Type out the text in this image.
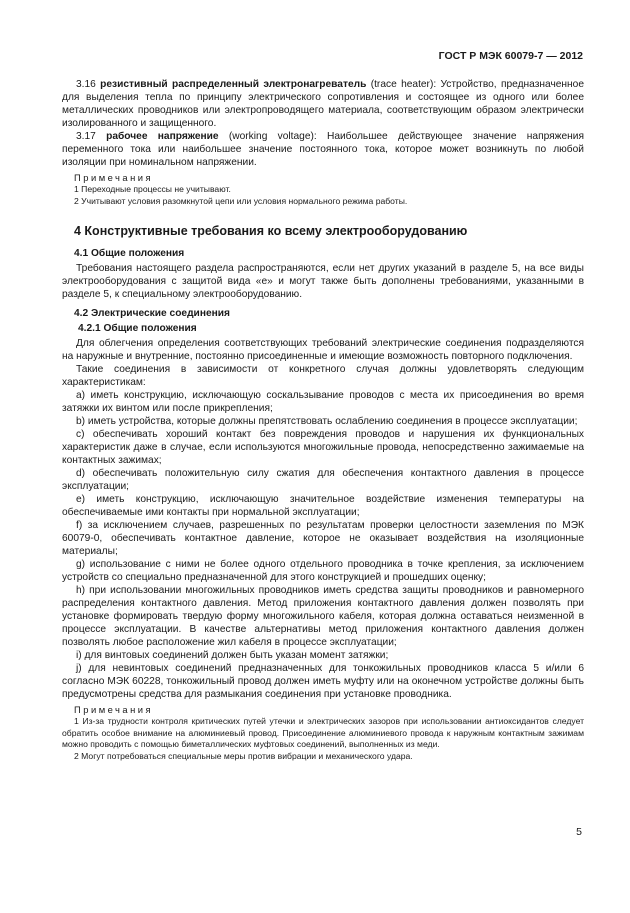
ГОСТ Р МЭК 60079-7 — 2012

3.16 резистивный распределенный электронагреватель (trace heater): Устройство, предназначенное для выделения тепла по принципу электрического сопротивления и состоящее из одного или более металлических проводников или электропроводящего материала, соответствующим образом электрически изолированного и защищенного.

3.17 рабочее напряжение (working voltage): Наибольшее действующее значение напряжения переменного тока или наибольшее значение постоянного тока, которое может возникнуть по любой изоляции при номинальном напряжении.

Примечания
1 Переходные процессы не учитывают.
2 Учитывают условия разомкнутой цепи или условия нормального режима работы.
4 Конструктивные требования ко всему электрооборудованию
4.1 Общие положения

Требования настоящего раздела распространяются, если нет других указаний в разделе 5, на все виды электрооборудования с защитой вида «е» и могут также быть дополнены требованиями, указанными в разделе 5, к специальному электрооборудованию.

4.2 Электрические соединения
4.2.1 Общие положения

Для облегчения определения соответствующих требований электрические соединения подразделяются на наружные и внутренние, постоянно присоединенные и имеющие возможность повторного подключения.

Такие соединения в зависимости от конкретного случая должны удовлетворять следующим характеристикам:

a) иметь конструкцию, исключающую соскальзывание проводов с места их присоединения во время затяжки их винтом или после прикрепления;

b) иметь устройства, которые должны препятствовать ослаблению соединения в процессе эксплуатации;

c) обеспечивать хороший контакт без повреждения проводов и нарушения их функциональных характеристик даже в случае, если используются многожильные провода, непосредственно зажимаемые на контактных зажимах;

d) обеспечивать положительную силу сжатия для обеспечения контактного давления в процессе эксплуатации;

e) иметь конструкцию, исключающую значительное воздействие изменения температуры на обеспечиваемые ими контакты при нормальной эксплуатации;

f) за исключением случаев, разрешенных по результатам проверки целостности заземления по МЭК 60079-0, обеспечивать контактное давление, которое не оказывает воздействия на изоляционные материалы;

g) использование с ними не более одного отдельного проводника в точке крепления, за исключением устройств со специально предназначенной для этого конструкцией и прошедших оценку;

h) при использовании многожильных проводников иметь средства защиты проводников и равномерного распределения контактного давления. Метод приложения контактного давления должен позволять при установке формировать твердую форму многожильного кабеля, которая должна оставаться неизменной в процессе эксплуатации. В качестве альтернативы метод приложения контактного давления должен позволять любое расположение жил кабеля в процессе эксплуатации;

i) для винтовых соединений должен быть указан момент затяжки;

j) для невинтовых соединений предназначенных для тонкожильных проводников класса 5 и/или 6 согласно МЭК 60228, тонкожильный провод должен иметь муфту или на оконечном устройстве должны быть предусмотрены средства для размыкания соединения при установке проводника.

Примечания
1 Из-за трудности контроля критических путей утечки и электрических зазоров при использовании антиоксидантов следует обратить особое внимание на алюминиевый провод. Присоединение алюминиевого провода к наружным контактным зажимам можно проводить с помощью биметаллических муфтовых соединений, выполненных из меди.
2 Могут потребоваться специальные меры против вибрации и механического удара.
5
